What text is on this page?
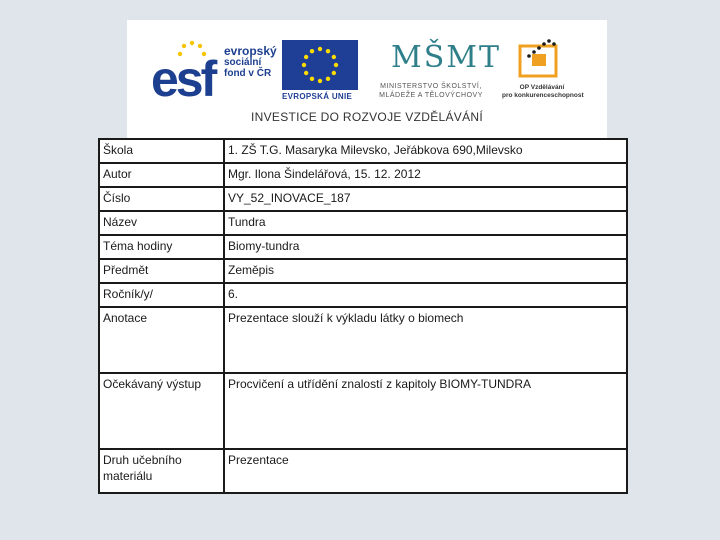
esf evropský
sociální
fond v ČR
EVROPSKÁ UNIE
MŠMT
MINISTERSTVO ŠKOLSTVÍ,
MLÁDEŽE A TĚLOVÝCHOVY
OP Vzdělávání
pro konkurenceschopnost
INVESTICE DO ROZVOJE VZDĚLÁVÁNÍ
Škola	1. ZŠ T.G. Masaryka Milevsko, Jeřábkova 690,Milevsko
Autor	Mgr. Ilona Šindelářová, 15. 12. 2012
Číslo	VY_52_INOVACE_187
Název	Tundra
Téma hodiny	Biomy-tundra
Předmět	Zeměpis
Ročník/y/	6.
Anotace	Prezentace slouží k výkladu látky o biomech
Očekávaný výstup	Procvičení a utřídění znalostí z kapitoly BIOMY-TUNDRA
Druh učebního materiálu	Prezentace
